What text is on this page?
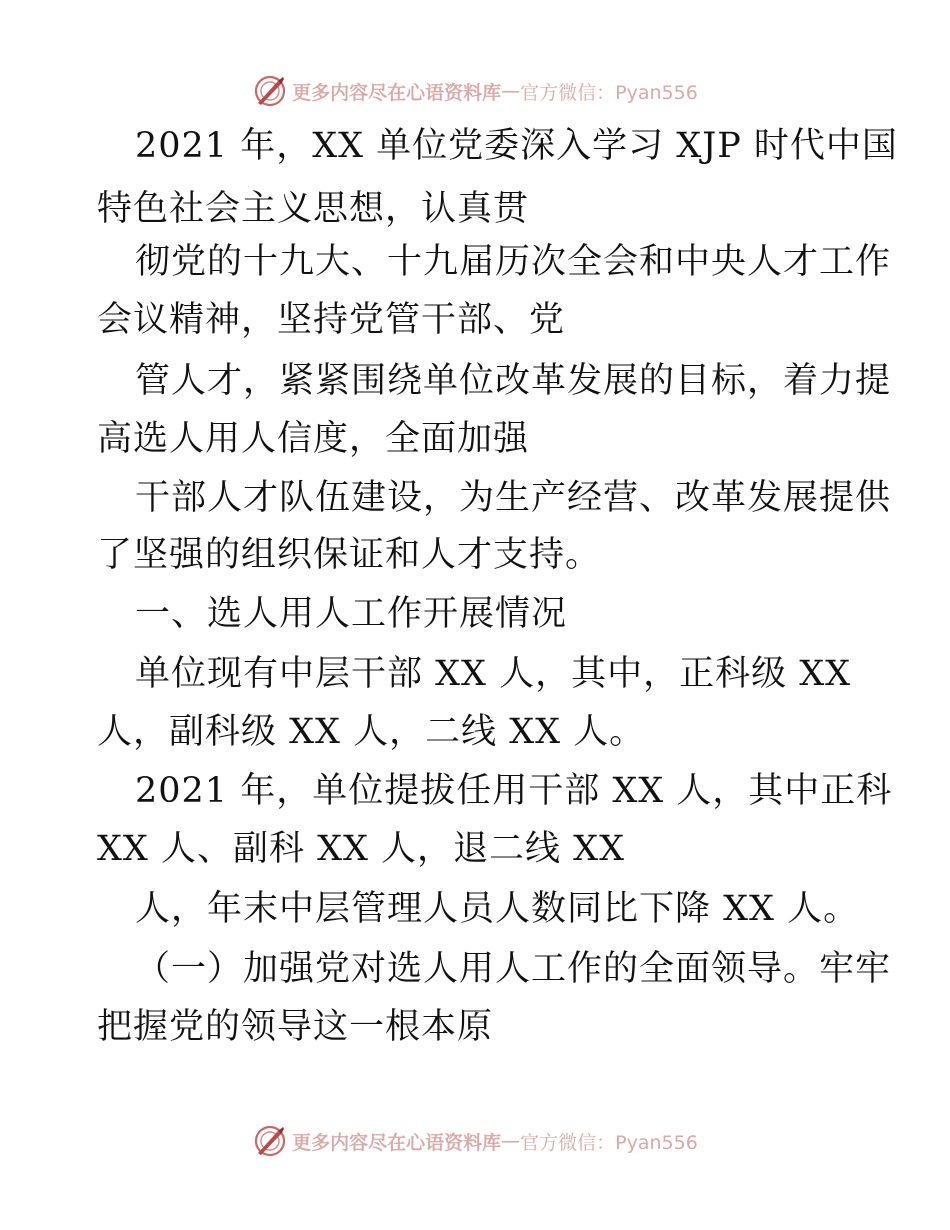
更多内容尽在心语资料库 — 官方微信：Pyan556
2021 年，XX 单位党委深入学习 XJP 时代中国
特色社会主义思想，认真贯
彻党的十九大、十九届历次全会和中央人才工作
会议精神，坚持党管干部、党
管人才，紧紧围绕单位改革发展的目标，着力提
高选人用人信度，全面加强
干部人才队伍建设，为生产经营、改革发展提供
了坚强的组织保证和人才支持。
一、选人用人工作开展情况
单位现有中层干部 XX 人，其中，正科级 XX
人，副科级 XX 人，二线 XX 人。
2021 年，单位提拔任用干部 XX 人，其中正科
XX 人、副科 XX 人，退二线 XX
人，年末中层管理人员人数同比下降 XX 人。
（一）加强党对选人用人工作的全面领导。牢牢
把握党的领导这一根本原
更多内容尽在心语资料库 — 官方微信：Pyan556
